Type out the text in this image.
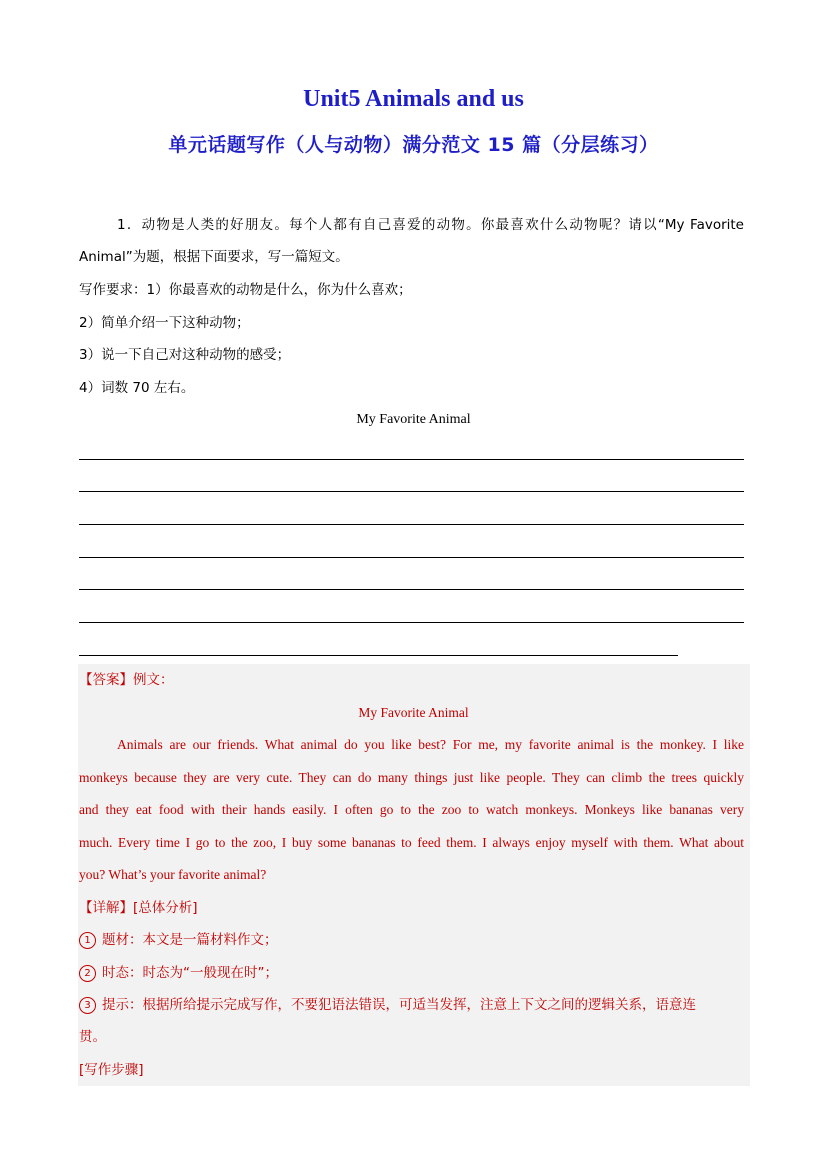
Unit5 Animals and us
单元话题写作（人与动物）满分范文 15 篇（分层练习）
1．动物是人类的好朋友。每个人都有自己喜爱的动物。你最喜欢什么动物呢？请以“My Favorite
Animal”为题，根据下面要求，写一篇短文。
写作要求：1）你最喜欢的动物是什么，你为什么喜欢；
2）简单介绍一下这种动物；
3）说一下自己对这种动物的感受；
4）词数 70 左右。
My Favorite Animal
【答案】例文：
My Favorite Animal
Animals are our friends. What animal do you like best? For me, my favorite animal is the monkey. I like
monkeys because they are very cute. They can do many things just like people. They can climb the trees quickly
and they eat food with their hands easily. I often go to the zoo to watch monkeys. Monkeys like bananas very
much. Every time I go to the zoo, I buy some bananas to feed them. I always enjoy myself with them. What about
you? What’s your favorite animal?
【详解】[总体分析]
1 题材：本文是一篇材料作文；
2 时态：时态为“一般现在时”；
3 提示：根据所给提示完成写作，不要犯语法错误，可适当发挥，注意上下文之间的逻辑关系，语意连
贯。
[写作步骤]
